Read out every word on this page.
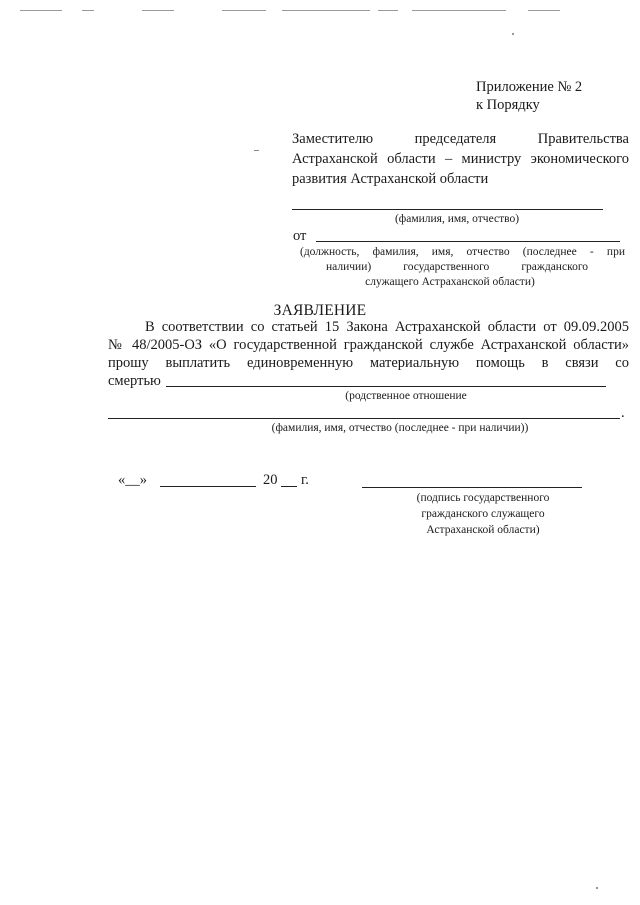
Приложение № 2
к Порядку
–
Заместителю председателя Правительства
Астраханской области – министру экономического
развития Астраханской области
(фамилия, имя, отчество)
от
(должность, фамилия, имя, отчество (последнее - при
наличии) государственного гражданского
служащего Астраханской области)
ЗАЯВЛЕНИЕ
В соответствии со статьей 15 Закона Астраханской области от 09.09.2005
№ 48/2005-ОЗ «О государственной гражданской службе Астраханской области»
прошу выплатить единовременную материальную помощь в связи со
смертью
(родственное отношение
.
(фамилия, имя, отчество (последнее - при наличии))
«__»	20 г.
(подпись государственного
гражданского служащего
Астраханской области)
